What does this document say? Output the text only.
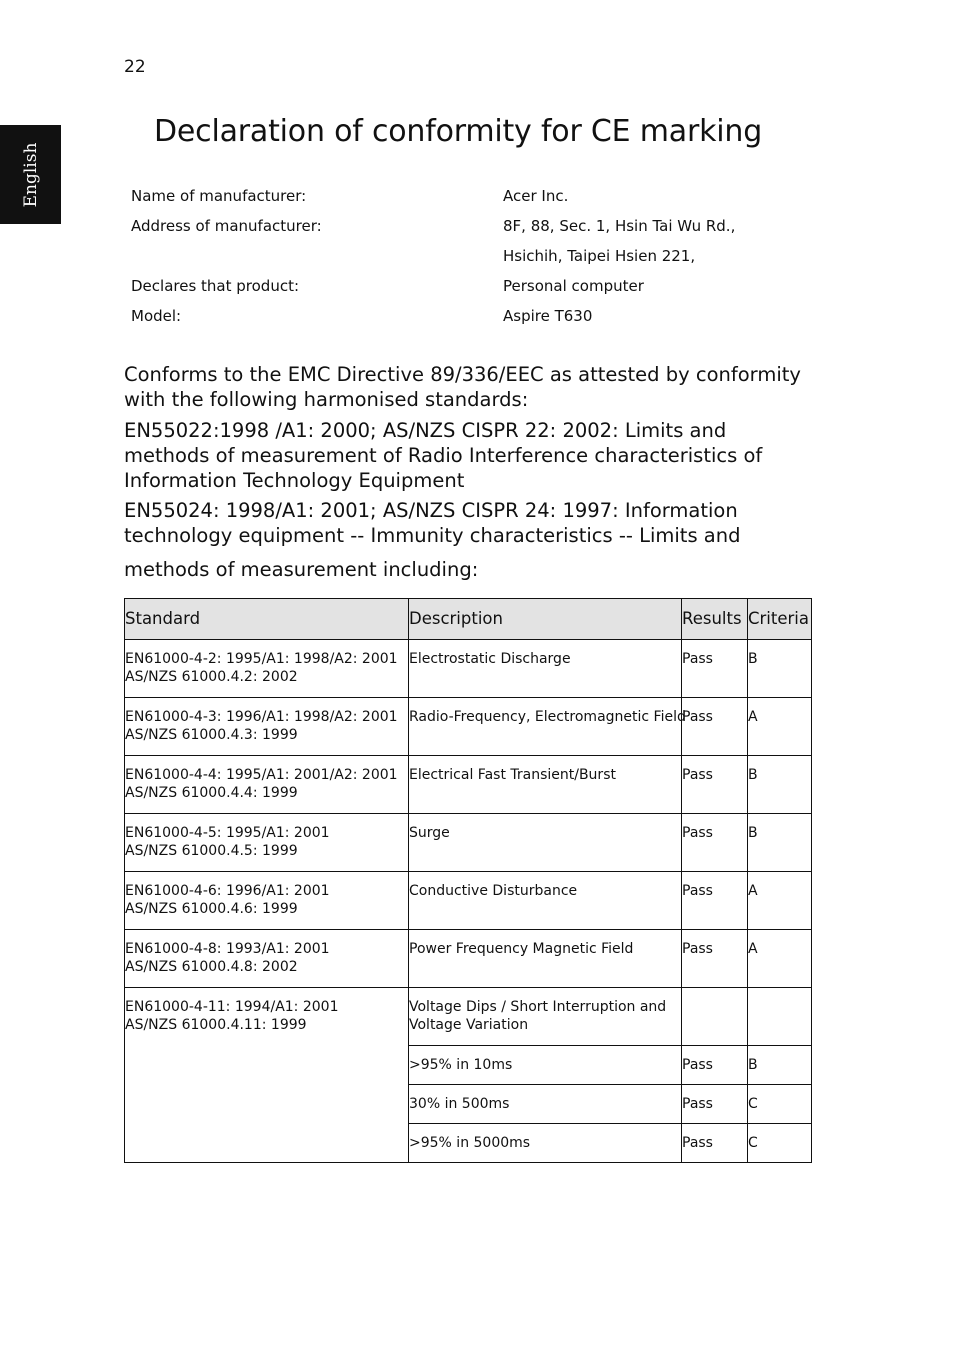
22
English
Declaration of conformity for CE marking
Name of manufacturer:	Acer Inc.
Address of manufacturer:	8F, 88, Sec. 1, Hsin Tai Wu Rd.,
Hsichih, Taipei Hsien 221,
Declares that product:	Personal computer
Model:	Aspire T630

Conforms to the EMC Directive 89/336/EEC as attested by conformity with the following harmonised standards:

EN55022:1998 /A1: 2000; AS/NZS CISPR 22: 2002: Limits and methods of measurement of Radio Interference characteristics of Information Technology Equipment

EN55024: 1998/A1: 2001; AS/NZS CISPR 24: 1997: Information technology equipment -- Immunity characteristics -- Limits and

methods of measurement including:

Standard	Description	Results	Criteria

EN61000-4-2: 1995/A1: 1998/A2: 2001
AS/NZS 61000.4.2: 2002	Electrostatic Discharge	Pass	B

EN61000-4-3: 1996/A1: 1998/A2: 2001
AS/NZS 61000.4.3: 1999	Radio-Frequency, Electromagnetic Field	Pass	A

EN61000-4-4: 1995/A1: 2001/A2: 2001
AS/NZS 61000.4.4: 1999	Electrical Fast Transient/Burst	Pass	B

EN61000-4-5: 1995/A1: 2001
AS/NZS 61000.4.5: 1999	Surge	Pass	B

EN61000-4-6: 1996/A1: 2001
AS/NZS 61000.4.6: 1999	Conductive Disturbance	Pass	A

EN61000-4-8: 1993/A1: 2001
AS/NZS 61000.4.8: 2002	Power Frequency Magnetic Field	Pass	A

EN61000-4-11: 1994/A1: 2001
AS/NZS 61000.4.11: 1999	Voltage Dips / Short Interruption and
Voltage Variation		

	>95% in 10ms	Pass	B
	30% in 500ms	Pass	C
	>95% in 5000ms	Pass	C
